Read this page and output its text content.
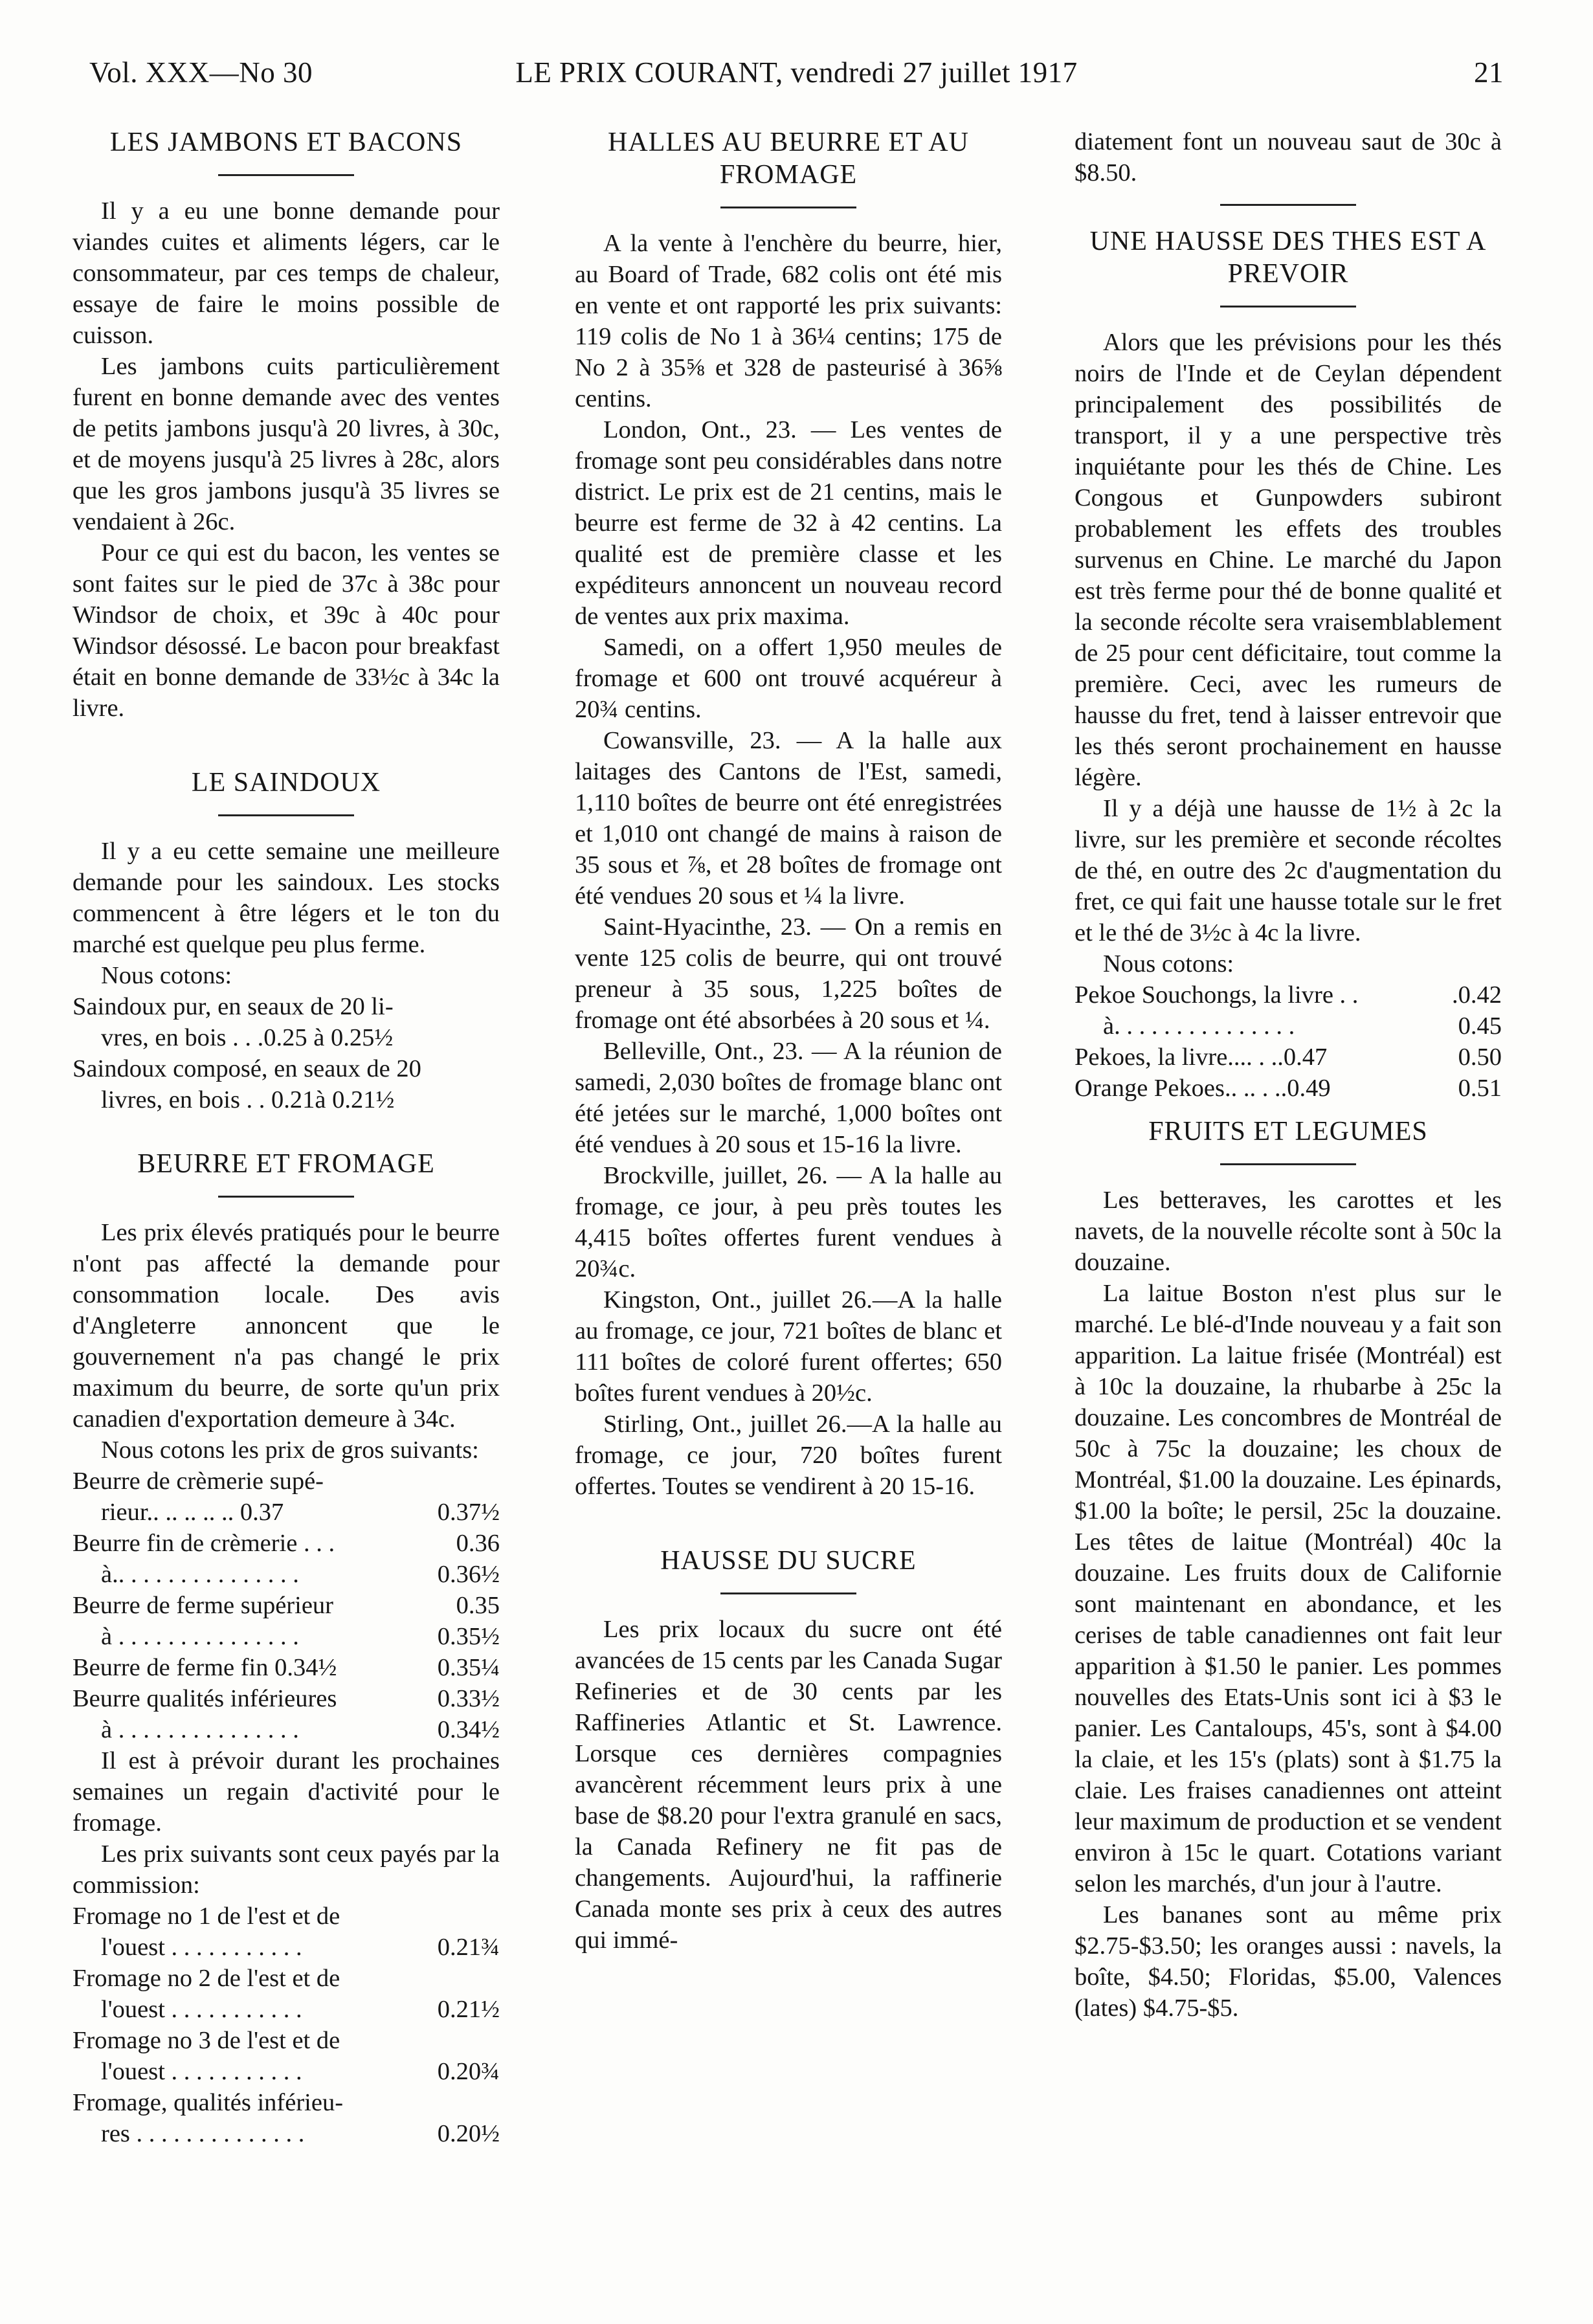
Vol. XXX—No 30	LE PRIX COURANT, vendredi 27 juillet 1917	21
LES JAMBONS ET BACONS

Il y a eu une bonne demande pour viandes cuites et aliments légers, car le consommateur, par ces temps de chaleur, essaye de faire le moins possible de cuisson.

Les jambons cuits particulièrement furent en bonne demande avec des ventes de petits jambons jusqu'à 20 livres, à 30c, et de moyens jusqu'à 25 livres à 28c, alors que les gros jambons jusqu'à 35 livres se vendaient à 26c.

Pour ce qui est du bacon, les ventes se sont faites sur le pied de 37c à 38c pour Windsor de choix, et 39c à 40c pour Windsor désossé. Le bacon pour breakfast était en bonne demande de 33½c à 34c la livre.

LE SAINDOUX

Il y a eu cette semaine une meilleure demande pour les saindoux. Les stocks commencent à être légers et le ton du marché est quelque peu plus ferme.

Nous cotons:

Saindoux pur, en seaux de 20 li-

vres, en bois . . .0.25 à 0.25½

Saindoux composé, en seaux de 20

livres, en bois . . 0.21à 0.21½

BEURRE ET FROMAGE

Les prix élevés pratiqués pour le beurre n'ont pas affecté la demande pour consommation locale. Des avis d'Angleterre annoncent que le gouvernement n'a pas changé le prix maximum du beurre, de sorte qu'un prix canadien d'exportation demeure à 34c.

Nous cotons les prix de gros suivants:

Beurre de crèmerie supé-
rieur.. .. .. .. .. 0.37	0.37½
Beurre fin de crèmerie . . .	0.36
à.. . . . . . . . . . . . . . .	0.36½
Beurre de ferme supérieur	0.35
à . . . . . . . . . . . . . . .	0.35½
Beurre de ferme fin 0.34½	0.35¼
Beurre qualités inférieures	0.33½
à . . . . . . . . . . . . . . .	0.34½

Il est à prévoir durant les prochaines semaines un regain d'activité pour le fromage.

Les prix suivants sont ceux payés par la commission:

Fromage no 1 de l'est et de
l'ouest . . . . . . . . . . .	0.21¾
Fromage no 2 de l'est et de
l'ouest . . . . . . . . . . .	0.21½
Fromage no 3 de l'est et de
l'ouest . . . . . . . . . . .	0.20¾
Fromage, qualités inférieu-
res . . . . . . . . . . . . . .	0.20½
HALLES AU BEURRE ET AU FROMAGE

A la vente à l'enchère du beurre, hier, au Board of Trade, 682 colis ont été mis en vente et ont rapporté les prix suivants: 119 colis de No 1 à 36¼ centins; 175 de No 2 à 35⅝ et 328 de pasteurisé à 36⅝ centins.

London, Ont., 23. — Les ventes de fromage sont peu considérables dans notre district. Le prix est de 21 centins, mais le beurre est ferme de 32 à 42 centins. La qualité est de première classe et les expéditeurs annoncent un nouveau record de ventes aux prix maxima.

Samedi, on a offert 1,950 meules de fromage et 600 ont trouvé acquéreur à 20¾ centins.

Cowansville, 23. — A la halle aux laitages des Cantons de l'Est, samedi, 1,110 boîtes de beurre ont été enregistrées et 1,010 ont changé de mains à raison de 35 sous et ⅞, et 28 boîtes de fromage ont été vendues 20 sous et ¼ la livre.

Saint-Hyacinthe, 23. — On a remis en vente 125 colis de beurre, qui ont trouvé preneur à 35 sous, 1,225 boîtes de fromage ont été absorbées à 20 sous et ¼.

Belleville, Ont., 23. — A la réunion de samedi, 2,030 boîtes de fromage blanc ont été jetées sur le marché, 1,000 boîtes ont été vendues à 20 sous et 15-16 la livre.

Brockville, juillet, 26. — A la halle au fromage, ce jour, à peu près toutes les 4,415 boîtes offertes furent vendues à 20¾c.

Kingston, Ont., juillet 26.—A la halle au fromage, ce jour, 721 boîtes de blanc et 111 boîtes de coloré furent offertes; 650 boîtes furent vendues à 20½c.

Stirling, Ont., juillet 26.—A la halle au fromage, ce jour, 720 boîtes furent offertes. Toutes se vendirent à 20 15-16.

HAUSSE DU SUCRE

Les prix locaux du sucre ont été avancées de 15 cents par les Canada Sugar Refineries et de 30 cents par les Raffineries Atlantic et St. Lawrence. Lorsque ces dernières compagnies avancèrent récemment leurs prix à une base de $8.20 pour l'extra granulé en sacs, la Canada Refinery ne fit pas de changements. Aujourd'hui, la raffinerie Canada monte ses prix à ceux des autres qui immé-

diatement font un nouveau saut de 30c à $8.50.

UNE HAUSSE DES THES EST A PREVOIR

Alors que les prévisions pour les thés noirs de l'Inde et de Ceylan dépendent principalement des possibilités de transport, il y a une perspective très inquiétante pour les thés de Chine. Les Congous et Gunpowders subiront probablement les effets des troubles survenus en Chine. Le marché du Japon est très ferme pour thé de bonne qualité et la seconde récolte sera vraisemblablement de 25 pour cent déficitaire, tout comme la première. Ceci, avec les rumeurs de hausse du fret, tend à laisser entrevoir que les thés seront prochainement en hausse légère.

Il y a déjà une hausse de 1½ à 2c la livre, sur les première et seconde récoltes de thé, en outre des 2c d'augmentation du fret, ce qui fait une hausse totale sur le fret et le thé de 3½c à 4c la livre.

Nous cotons:

Pekoe Souchongs, la livre . .	.0.42
à. . . . . . . . . . . . . . .	0.45
Pekoes, la livre.... . ..0.47	0.50
Orange Pekoes.. .. . ..0.49	0.51
FRUITS ET LEGUMES

Les betteraves, les carottes et les navets, de la nouvelle récolte sont à 50c la douzaine.

La laitue Boston n'est plus sur le marché. Le blé-d'Inde nouveau y a fait son apparition. La laitue frisée (Montréal) est à 10c la douzaine, la rhubarbe à 25c la douzaine. Les concombres de Montréal de 50c à 75c la douzaine; les choux de Montréal, $1.00 la douzaine. Les épinards, $1.00 la boîte; le persil, 25c la douzaine. Les têtes de laitue (Montréal) 40c la douzaine. Les fruits doux de Californie sont maintenant en abondance, et les cerises de table canadiennes ont fait leur apparition à $1.50 le panier. Les pommes nouvelles des Etats-Unis sont ici à $3 le panier. Les Cantaloups, 45's, sont à $4.00 la claie, et les 15's (plats) sont à $1.75 la claie. Les fraises canadiennes ont atteint leur maximum de production et se vendent environ à 15c le quart. Cotations variant selon les marchés, d'un jour à l'autre.

Les bananes sont au même prix $2.75-$3.50; les oranges aussi : navels, la boîte, $4.50; Floridas, $5.00, Valences (lates) $4.75-$5.
